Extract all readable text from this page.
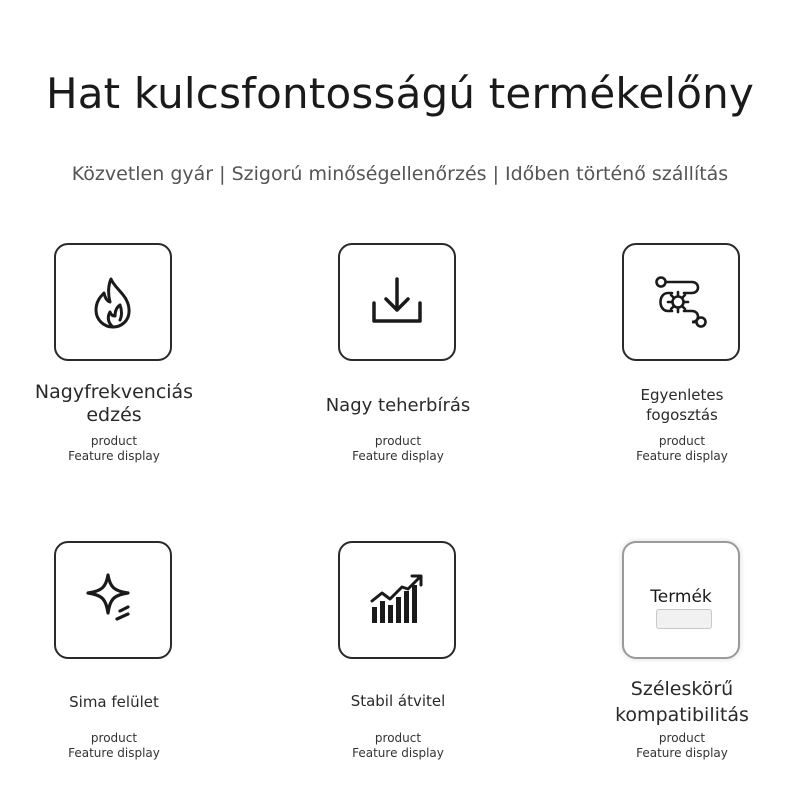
Hat kulcsfontosságú termékelőny

Közvetlen gyár | Szigorú minőségellenőrzés | Időben történő szállítás

Nagyfrekvenciás
edzés

product
Feature display

Nagy teherbírás

product
Feature display

Egyenletes
fogosztás

product
Feature display

Sima felület

product
Feature display

Stabil átvitel

product
Feature display

Termék

Széleskörű
kompatibilitás

product
Feature display
